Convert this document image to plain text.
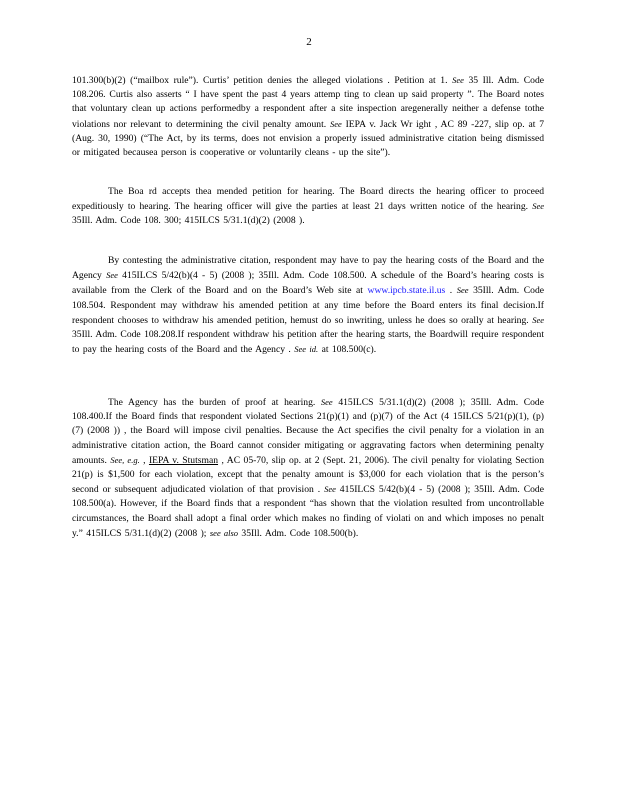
2

101.300(b)(2) (“mailbox rule”). Curtis’ petition denies the alleged violations . Petition at 1. See 35 Ill. Adm. Code 108.206. Curtis also asserts “ I have spent the past 4 years attemp ting to clean up said property ”. The Board notes that voluntary clean up actions performedby a respondent after a site inspection aregenerally neither a defense tothe violations nor relevant to determining the civil penalty amount. See IEPA v. Jack Wr ight , AC 89 -227, slip op. at 7 (Aug. 30, 1990) (“The Act, by its terms, does not envision a properly issued administrative citation being dismissed or mitigated becausea person is cooperative or voluntarily cleans - up the site”).

The Boa rd accepts thea mended petition for hearing. The Board directs the hearing officer to proceed expeditiously to hearing. The hearing officer will give the parties at least 21 days written notice of the hearing. See 35Ill. Adm. Code 108. 300; 415ILCS 5/31.1(d)(2) (2008 ).

By contesting the administrative citation, respondent may have to pay the hearing costs of the Board and the Agency See 415ILCS 5/42(b)(4 - 5) (2008 ); 35Ill. Adm. Code 108.500. A schedule of the Board’s hearing costs is available from the Clerk of the Board and on the Board’s Web site at www.ipcb.state.il.us . See 35Ill. Adm. Code 108.504. Respondent may withdraw his amended petition at any time before the Board enters its final decision.If respondent chooses to withdraw his amended petition, hemust do so inwriting, unless he does so orally at hearing. See 35Ill. Adm. Code 108.208.If respondent withdraw his petition after the hearing starts, the Boardwill require respondent to pay the hearing costs of the Board and the Agency . See id. at 108.500(c).

The Agency has the burden of proof at hearing. See 415ILCS 5/31.1(d)(2) (2008 ); 35Ill. Adm. Code 108.400.If the Board finds that respondent violated Sections 21(p)(1) and (p)(7) of the Act (4 15ILCS 5/21(p)(1), (p)(7) (2008 )) , the Board will impose civil penalties. Because the Act specifies the civil penalty for a violation in an administrative citation action, the Board cannot consider mitigating or aggravating factors when determining penalty amounts. See, e.g. , IEPA v. Stutsman , AC 05-70, slip op. at 2 (Sept. 21, 2006). The civil penalty for violating Section 21(p) is $1,500 for each violation, except that the penalty amount is $3,000 for each violation that is the person’s second or subsequent adjudicated violation of that provision . See 415ILCS 5/42(b)(4 - 5) (2008 ); 35Ill. Adm. Code 108.500(a). However, if the Board finds that a respondent “has shown that the violation resulted from uncontrollable circumstances, the Board shall adopt a final order which makes no finding of violati on and which imposes no penalt y.” 415ILCS 5/31.1(d)(2) (2008 ); see also 35Ill. Adm. Code 108.500(b).
